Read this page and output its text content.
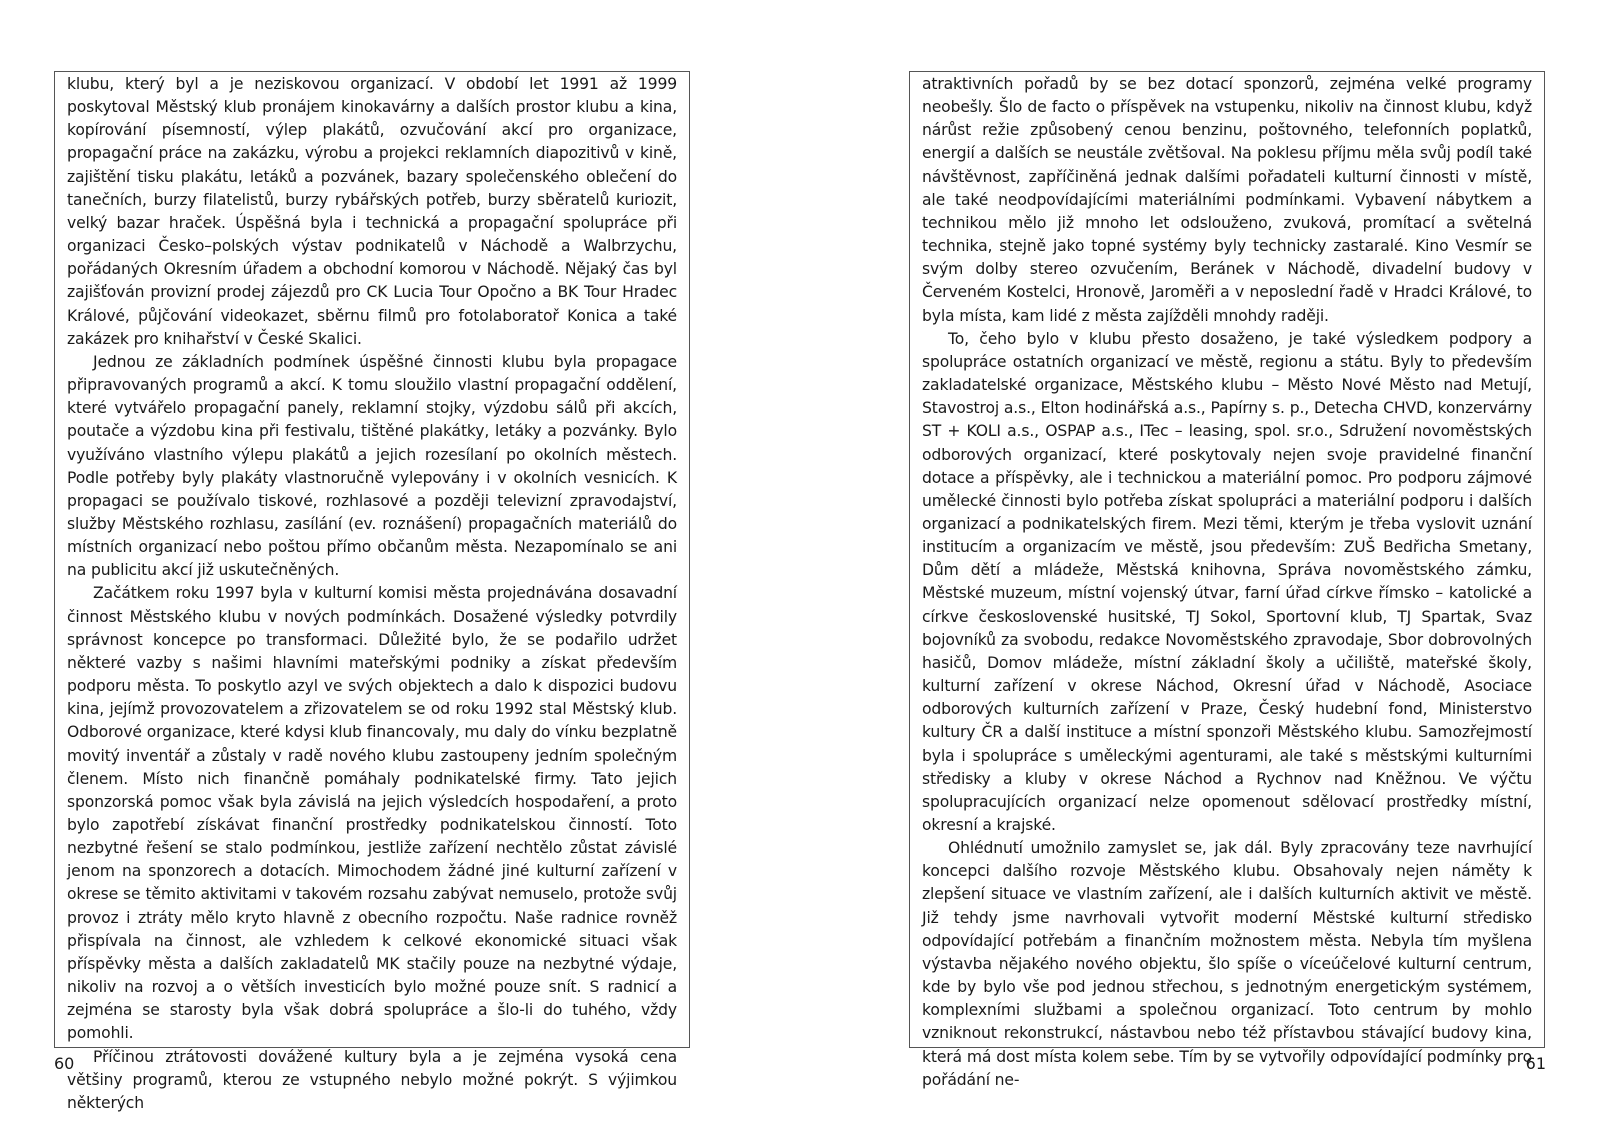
klubu, který byl a je neziskovou organizací. V období let 1991 až 1999 poskytoval Městský klub pronájem kinokavárny a dalších prostor klubu a kina, kopírování písemností, výlep plakátů, ozvučování akcí pro organizace, propagační práce na zakázku, výrobu a projekci reklamních diapozitivů v kině, zajištění tisku plakátu, letáků a pozvánek, bazary společenského oblečení do tanečních, burzy filatelistů, burzy rybářských potřeb, burzy sběratelů kuriozit, velký bazar hraček. Úspěšná byla i technická a propagační spolupráce při organizaci Česko–polských výstav podnikatelů v Náchodě a Walbrzychu, pořádaných Okresním úřadem a obchodní komorou v Náchodě. Nějaký čas byl zajišťován provizní prodej zájezdů pro CK Lucia Tour Opočno a BK Tour Hradec Králové, půjčování videokazet, sběrnu filmů pro fotolaboratoř Konica a také zakázek pro knihařství v České Skalici.

Jednou ze základních podmínek úspěšné činnosti klubu byla propagace připravovaných programů a akcí. K tomu sloužilo vlastní propagační oddělení, které vytvářelo propagační panely, reklamní stojky, výzdobu sálů při akcích, poutače a výzdobu kina při festivalu, tištěné plakátky, letáky a pozvánky. Bylo využíváno vlastního výlepu plakátů a jejich rozesílaní po okolních městech. Podle potřeby byly plakáty vlastnoručně vylepovány i v okolních vesnicích. K propagaci se používalo tiskové, rozhlasové a později televizní zpravodajství, služby Městského rozhlasu, zasílání (ev. roznášení) propagačních materiálů do místních organizací nebo poštou přímo občanům města. Nezapomínalo se ani na publicitu akcí již uskutečněných.

Začátkem roku 1997 byla v kulturní komisi města projednávána dosavadní činnost Městského klubu v nových podmínkách. Dosažené výsledky potvrdily správnost koncepce po transformaci. Důležité bylo, že se podařilo udržet některé vazby s našimi hlavními mateřskými podniky a získat především podporu města. To poskytlo azyl ve svých objektech a dalo k dispozici budovu kina, jejímž provozovatelem a zřizovatelem se od roku 1992 stal Městský klub. Odborové organizace, které kdysi klub financovaly, mu daly do vínku bezplatně movitý inventář a zůstaly v radě nového klubu zastoupeny jedním společným členem. Místo nich finančně pomáhaly podnikatelské firmy. Tato jejich sponzorská pomoc však byla závislá na jejich výsledcích hospodaření, a proto bylo zapotřebí získávat finanční prostředky podnikatelskou činností. Toto nezbytné řešení se stalo podmínkou, jestliže zařízení nechtělo zůstat závislé jenom na sponzorech a dotacích. Mimochodem žádné jiné kulturní zařízení v okrese se těmito aktivitami v takovém rozsahu zabývat nemuselo, protože svůj provoz i ztráty mělo kryto hlavně z obecního rozpočtu. Naše radnice rovněž přispívala na činnost, ale vzhledem k celkové ekonomické situaci však příspěvky města a dalších zakladatelů MK stačily pouze na nezbytné výdaje, nikoliv na rozvoj a o větších investicích bylo možné pouze snít. S radnicí a zejména se starosty byla však dobrá spolupráce a šlo-li do tuhého, vždy pomohli.

Příčinou ztrátovosti dovážené kultury byla a je zejména vysoká cena většiny programů, kterou ze vstupného nebylo možné pokrýt. S výjimkou některých

atraktivních pořadů by se bez dotací sponzorů, zejména velké programy neobešly. Šlo de facto o příspěvek na vstupenku, nikoliv na činnost klubu, když nárůst režie způsobený cenou benzinu, poštovného, telefonních poplatků, energií a dalších se neustále zvětšoval. Na poklesu příjmu měla svůj podíl také návštěvnost, zapříčiněná jednak dalšími pořadateli kulturní činnosti v místě, ale také neodpovídajícími materiálními podmínkami. Vybavení nábytkem a technikou mělo již mnoho let odslouženo, zvuková, promítací a světelná technika, stejně jako topné systémy byly technicky zastaralé. Kino Vesmír se svým dolby stereo ozvučením, Beránek v Náchodě, divadelní budovy v Červeném Kostelci, Hronově, Jaroměři a v neposlední řadě v Hradci Králové, to byla místa, kam lidé z města zajížděli mnohdy raději.

To, čeho bylo v klubu přesto dosaženo, je také výsledkem podpory a spolupráce ostatních organizací ve městě, regionu a státu. Byly to především zakladatelské organizace, Městského klubu – Město Nové Město nad Metují, Stavostroj a.s., Elton hodinářská a.s., Papírny s. p., Detecha CHVD, konzervárny ST + KOLI a.s., OSPAP a.s., ITec – leasing, spol. sr.o., Sdružení novoměstských odborových organizací, které poskytovaly nejen svoje pravidelné finanční dotace a příspěvky, ale i technickou a materiální pomoc. Pro podporu zájmové umělecké činnosti bylo potřeba získat spolupráci a materiální podporu i dalších organizací a podnikatelských firem. Mezi těmi, kterým je třeba vyslovit uznání institucím a organizacím ve městě, jsou především: ZUŠ Bedřicha Smetany, Dům dětí a mládeže, Městská knihovna, Správa novoměstského zámku, Městské muzeum, místní vojenský útvar, farní úřad církve římsko – katolické a církve československé husitské, TJ Sokol, Sportovní klub, TJ Spartak, Svaz bojovníků za svobodu, redakce Novoměstského zpravodaje, Sbor dobrovolných hasičů, Domov mládeže, místní základní školy a učiliště, mateřské školy, kulturní zařízení v okrese Náchod, Okresní úřad v Náchodě, Asociace odborových kulturních zařízení v Praze, Český hudební fond, Ministerstvo kultury ČR a další instituce a místní sponzoři Městského klubu. Samozřejmostí byla i spolupráce s uměleckými agenturami, ale také s městskými kulturními středisky a kluby v okrese Náchod a Rychnov nad Kněžnou. Ve výčtu spolupracujících organizací nelze opomenout sdělovací prostředky místní, okresní a krajské.

Ohlédnutí umožnilo zamyslet se, jak dál. Byly zpracovány teze navrhující koncepci dalšího rozvoje Městského klubu. Obsahovaly nejen náměty k zlepšení situace ve vlastním zařízení, ale i dalších kulturních aktivit ve městě. Již tehdy jsme navrhovali vytvořit moderní Městské kulturní středisko odpovídající potřebám a finančním možnostem města. Nebyla tím myšlena výstavba nějakého nového objektu, šlo spíše o víceúčelové kulturní centrum, kde by bylo vše pod jednou střechou, s jednotným energetickým systémem, komplexními službami a společnou organizací. Toto centrum by mohlo vzniknout rekonstrukcí, nástavbou nebo též přístavbou stávající budovy kina, která má dost místa kolem sebe. Tím by se vytvořily odpovídající podmínky pro pořádání ne-

60	61
